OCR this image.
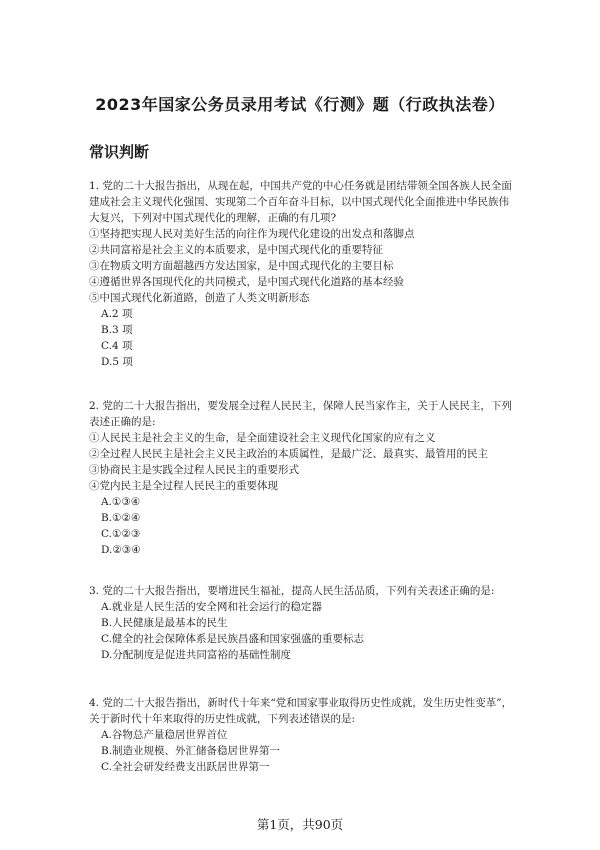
2023年国家公务员录用考试《行测》题（行政执法卷）
常识判断

1. 党的二十大报告指出，从现在起，中国共产党的中心任务就是团结带领全国各族人民全面建成社会主义现代化强国、实现第二个百年奋斗目标，以中国式现代化全面推进中华民族伟大复兴，下列对中国式现代化的理解，正确的有几项?

①坚持把实现人民对美好生活的向往作为现代化建设的出发点和落脚点

②共同富裕是社会主义的本质要求，是中国式现代化的重要特征

③在物质文明方面超越西方发达国家，是中国式现代化的主要目标

④遵循世界各国现代化的共同模式，是中国式现代化道路的基本经验

⑤中国式现代化新道路，创造了人类文明新形态

A.2 项

B.3 项

C.4 项

D.5 项

2. 党的二十大报告指出，要发展全过程人民民主，保障人民当家作主，关于人民民主，下列表述正确的是:

①人民民主是社会主义的生命，是全面建设社会主义现代化国家的应有之义

②全过程人民民主是社会主义民主政治的本质属性，是最广泛、最真实、最管用的民主

③协商民主是实践全过程人民民主的重要形式

④党内民主是全过程人民民主的重要体现

A.①③④

B.①②④

C.①②③

D.②③④

3. 党的二十大报告指出，要增进民生福祉，提高人民生活品质，下列有关表述正确的是:

A.就业是人民生活的安全网和社会运行的稳定器

B.人民健康是最基本的民生

C.健全的社会保障体系是民族昌盛和国家强盛的重要标志

D.分配制度是促进共同富裕的基础性制度

4. 党的二十大报告指出，新时代十年来“党和国家事业取得历史性成就，发生历史性变革”，关于新时代十年来取得的历史性成就，下列表述错误的是:

A.谷物总产量稳居世界首位

B.制造业规模、外汇储备稳居世界第一

C.全社会研发经费支出跃居世界第一

第1页，共90页
